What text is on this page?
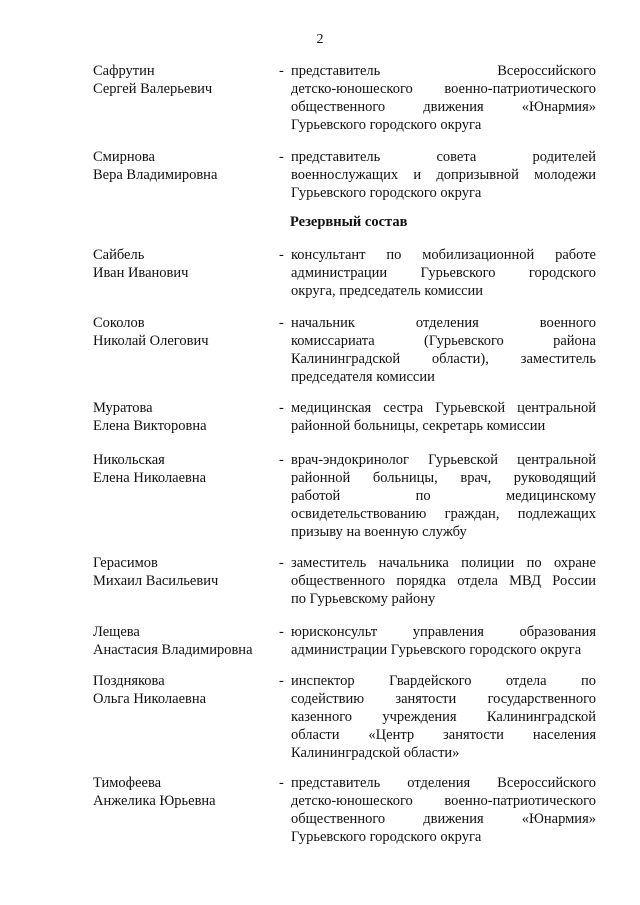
2
Сафрутин
Сергей Валерьевич
- представитель Всероссийского
детско-юношеского военно-патриотического
общественного движения «Юнармия»
Гурьевского городского округа
Смирнова
Вера Владимировна
- представитель совета родителей
военнослужащих и допризывной молодежи
Гурьевского городского округа
Резервный состав
Сайбель
Иван Иванович
- консультант по мобилизационной работе
администрации Гурьевского городского
округа, председатель комиссии
Соколов
Николай Олегович
- начальник отделения военного
комиссариата (Гурьевского района
Калининградской области), заместитель
председателя комиссии
Муратова
Елена Викторовна
- медицинская сестра Гурьевской центральной
районной больницы, секретарь комиссии
Никольская
Елена Николаевна
- врач-эндокринолог Гурьевской центральной
районной больницы, врач, руководящий
работой по медицинскому
освидетельствованию граждан, подлежащих
призыву на военную службу
Герасимов
Михаил Васильевич
- заместитель начальника полиции по охране
общественного порядка отдела МВД России
по Гурьевскому району
Лещева
Анастасия Владимировна
- юрисконсульт управления образования
администрации Гурьевского городского округа
Позднякова
Ольга Николаевна
- инспектор Гвардейского отдела по
содействию занятости государственного
казенного учреждения Калининградской
области «Центр занятости населения
Калининградской области»
Тимофеева
Анжелика Юрьевна
- представитель отделения Всероссийского
детско-юношеского военно-патриотического
общественного движения «Юнармия»
Гурьевского городского округа
